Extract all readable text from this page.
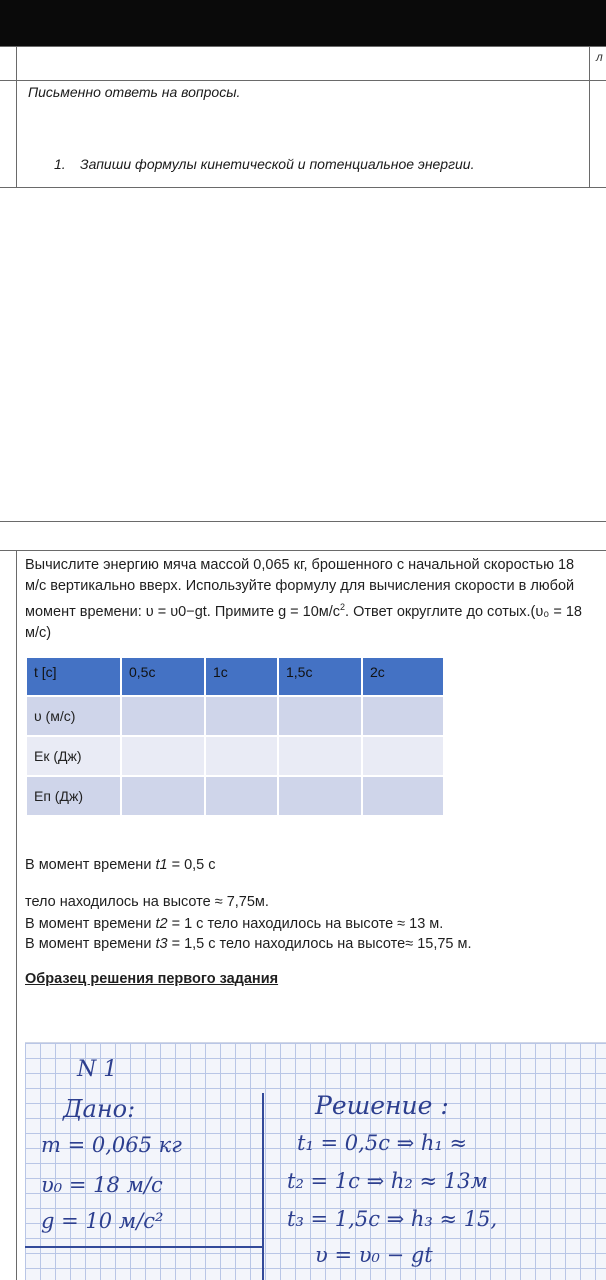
л
Письменно ответь на вопросы.
1. Запиши формулы кинетической и потенциальное энергии.
Вычислите энергию мяча массой 0,065 кг, брошенного с начальной скоростью 18 м/с вертикально вверх. Используйте формулу для вычисления скорости в любой момент времени: υ = υ0−gt. Примите $g = 10м/с^2$. Ответ округлите до сотых.(υ₀ = 18 м/с)
t [c]	0,5c	1c	1,5c	2c
υ (м/с)				
Ек (Дж)				
Еп (Дж)				
В момент времени t1 = 0,5 с
тело находилось на высоте ≈ 7,75м.
В момент времени t2 = 1 с тело находилось на высоте ≈ 13 м.
В момент времени t3 = 1,5 с тело находилось на высоте≈ 15,75 м.
Образец решения первого задания
N 1
Дано:
m = 0,065 кг
υ₀ = 18 м/с
g = 10 м/с²
Решение :
t₁ = 0,5с ⇒ h₁ ≈
t₂ = 1с ⇒ h₂ ≈ 13м
t₃ = 1,5с ⇒ h₃ ≈ 15,
υ = υ₀ − gt
